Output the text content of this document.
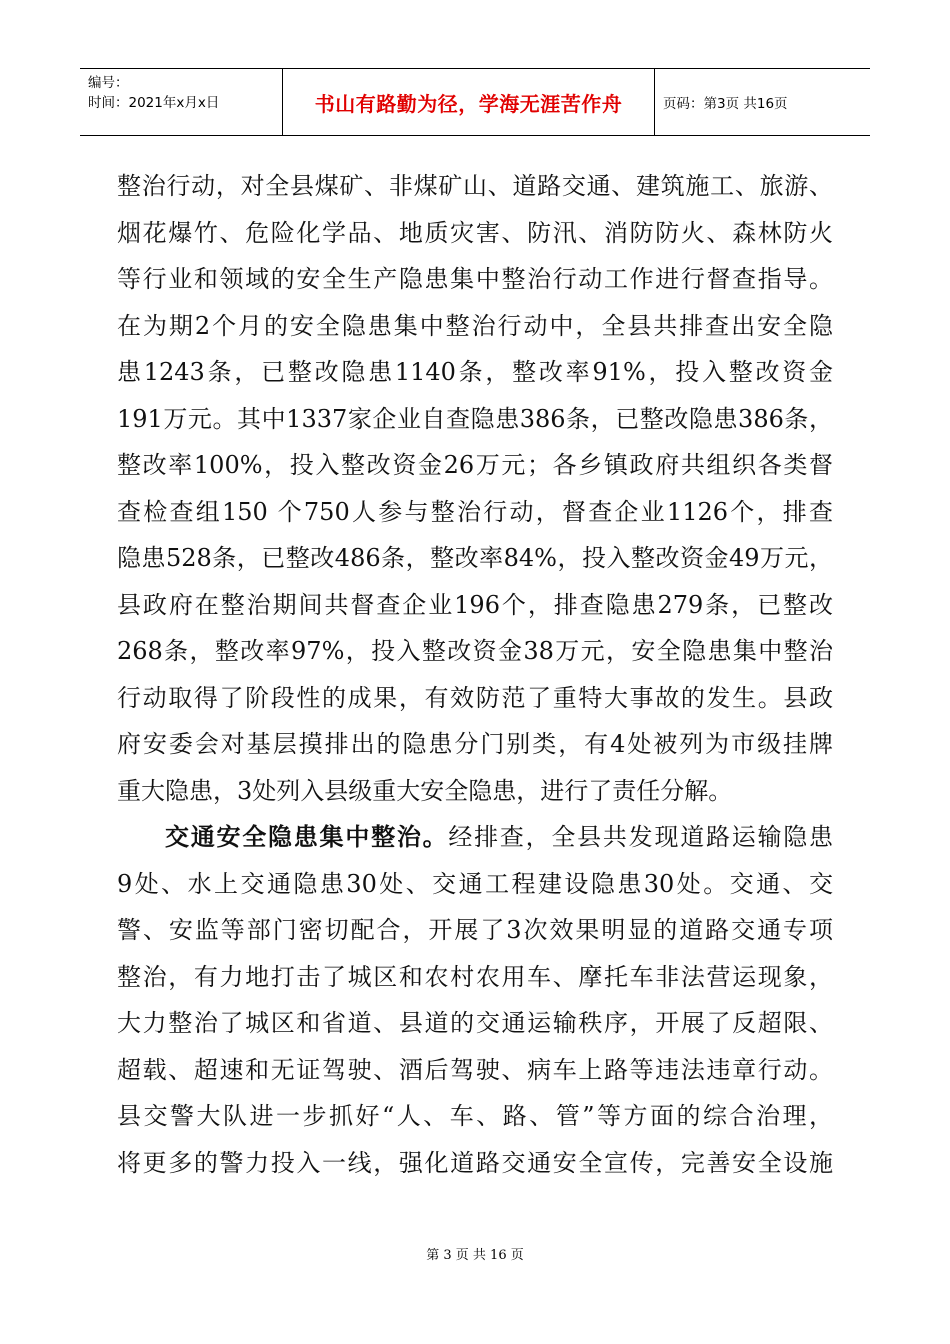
编号：
时间：2021年x月x日	书山有路勤为径，学海无涯苦作舟	页码：第3页 共16页
整治行动，对全县煤矿、非煤矿山、道路交通、建筑施工、旅游、
烟花爆竹、危险化学品、地质灾害、防汛、消防防火、森林防火
等行业和领域的安全生产隐患集中整治行动工作进行督查指导。
在为期2个月的安全隐患集中整治行动中，全县共排查出安全隐
患1243条，已整改隐患1140条，整改率91%，投入整改资金
191万元。其中1337家企业自查隐患386条，已整改隐患386条，
整改率100%，投入整改资金26万元；各乡镇政府共组织各类督
查检查组150 个750人参与整治行动，督查企业1126个，排查
隐患528条，已整改486条，整改率84%，投入整改资金49万元，
县政府在整治期间共督查企业196个，排查隐患279条，已整改
268条，整改率97%，投入整改资金38万元，安全隐患集中整治
行动取得了阶段性的成果，有效防范了重特大事故的发生。县政
府安委会对基层摸排出的隐患分门别类，有4处被列为市级挂牌
重大隐患，3处列入县级重大安全隐患，进行了责任分解。
交通安全隐患集中整治。经排查，全县共发现道路运输隐患
9处、水上交通隐患30处、交通工程建设隐患30处。交通、交
警、安监等部门密切配合，开展了3次效果明显的道路交通专项
整治，有力地打击了城区和农村农用车、摩托车非法营运现象，
大力整治了城区和省道、县道的交通运输秩序，开展了反超限、
超载、超速和无证驾驶、酒后驾驶、病车上路等违法违章行动。
县交警大队进一步抓好“人、车、路、管”等方面的综合治理，
将更多的警力投入一线，强化道路交通安全宣传，完善安全设施
第 3 页 共 16 页
